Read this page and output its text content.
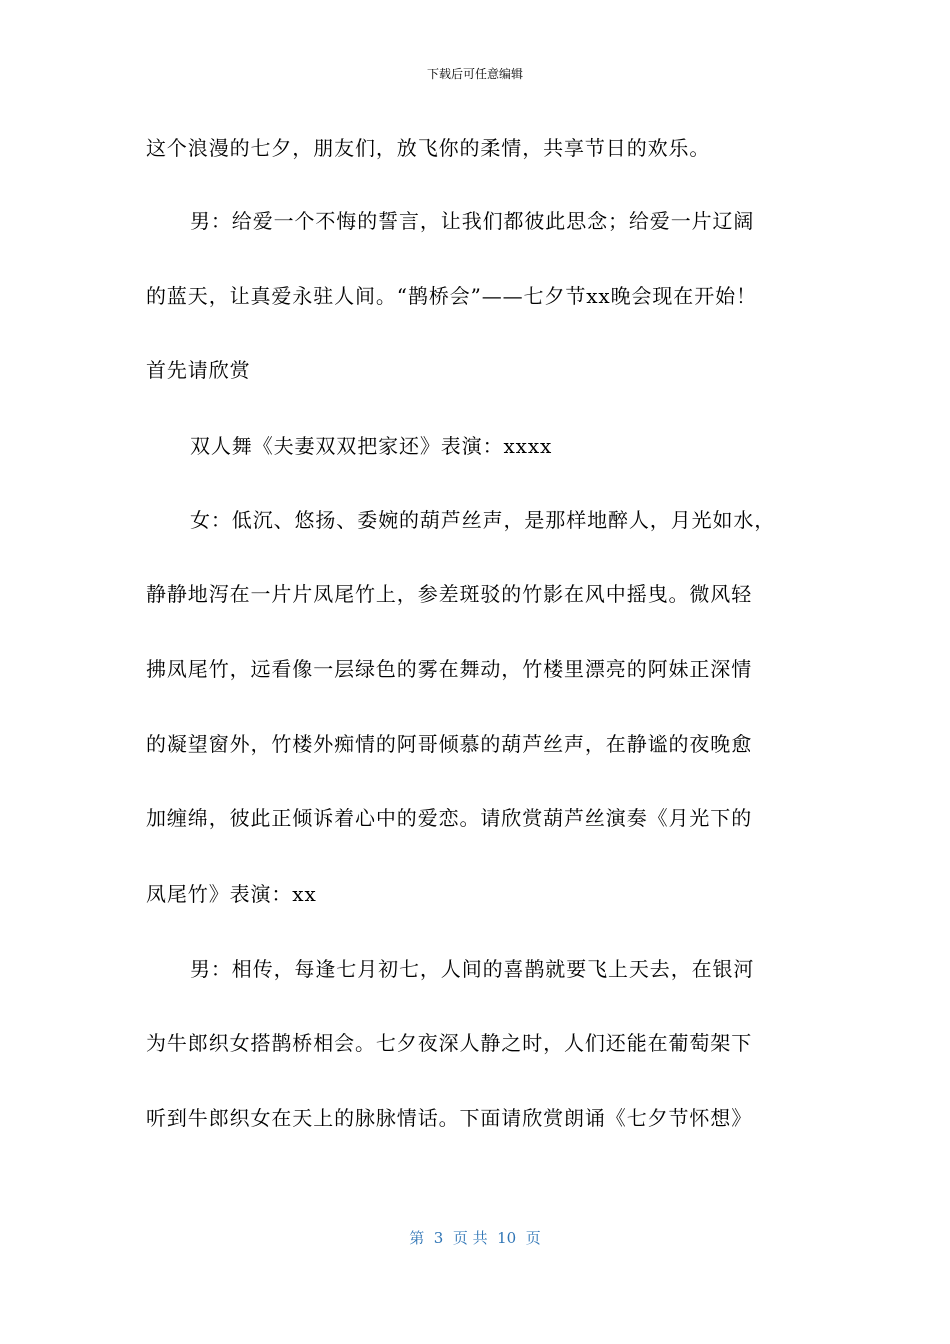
下载后可任意编辑
这个浪漫的七夕，朋友们，放飞你的柔情，共享节日的欢乐。
男：给爱一个不悔的誓言，让我们都彼此思念；给爱一片辽阔
的蓝天，让真爱永驻人间。“鹊桥会”——七夕节xx晚会现在开始！
首先请欣赏
双人舞《夫妻双双把家还》表演：xxxx
女：低沉、悠扬、委婉的葫芦丝声，是那样地醉人，月光如水，
静静地泻在一片片凤尾竹上，参差斑驳的竹影在风中摇曳。微风轻
拂凤尾竹，远看像一层绿色的雾在舞动，竹楼里漂亮的阿妹正深情
的凝望窗外，竹楼外痴情的阿哥倾慕的葫芦丝声，在静谧的夜晚愈
加缠绵，彼此正倾诉着心中的爱恋。请欣赏葫芦丝演奏《月光下的
凤尾竹》表演：xx
男：相传，每逢七月初七，人间的喜鹊就要飞上天去，在银河
为牛郎织女搭鹊桥相会。七夕夜深人静之时，人们还能在葡萄架下
听到牛郎织女在天上的脉脉情话。下面请欣赏朗诵《七夕节怀想》
第  3  页 共  10  页
